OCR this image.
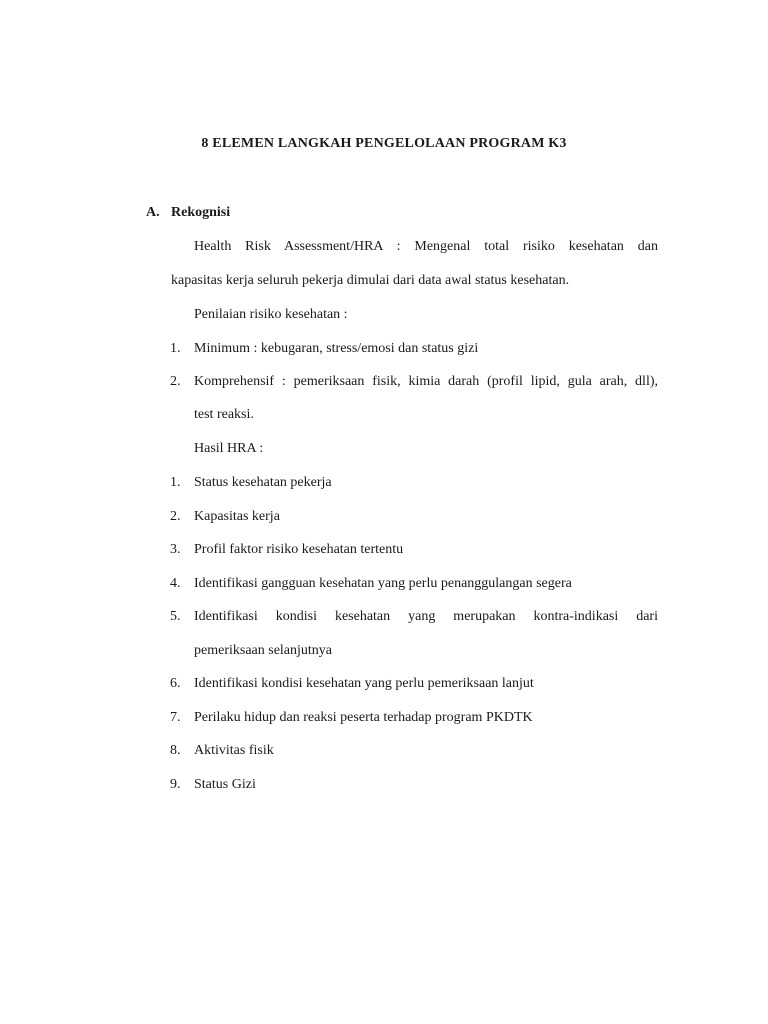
8 ELEMEN LANGKAH PENGELOLAAN PROGRAM K3
A. Rekognisi
Health Risk Assessment/HRA : Mengenal total risiko kesehatan dan
kapasitas kerja seluruh pekerja dimulai dari data awal status kesehatan.
Penilaian risiko kesehatan :
1. Minimum : kebugaran, stress/emosi dan status gizi
2. Komprehensif : pemeriksaan fisik, kimia darah (profil lipid, gula arah, dll),
test reaksi.
Hasil HRA :
1. Status kesehatan pekerja
2. Kapasitas kerja
3. Profil faktor risiko kesehatan tertentu
4. Identifikasi gangguan kesehatan yang perlu penanggulangan segera
5. Identifikasi kondisi kesehatan yang merupakan kontra-indikasi dari
pemeriksaan selanjutnya
6. Identifikasi kondisi kesehatan yang perlu pemeriksaan lanjut
7. Perilaku hidup dan reaksi peserta terhadap program PKDTK
8. Aktivitas fisik
9. Status Gizi
